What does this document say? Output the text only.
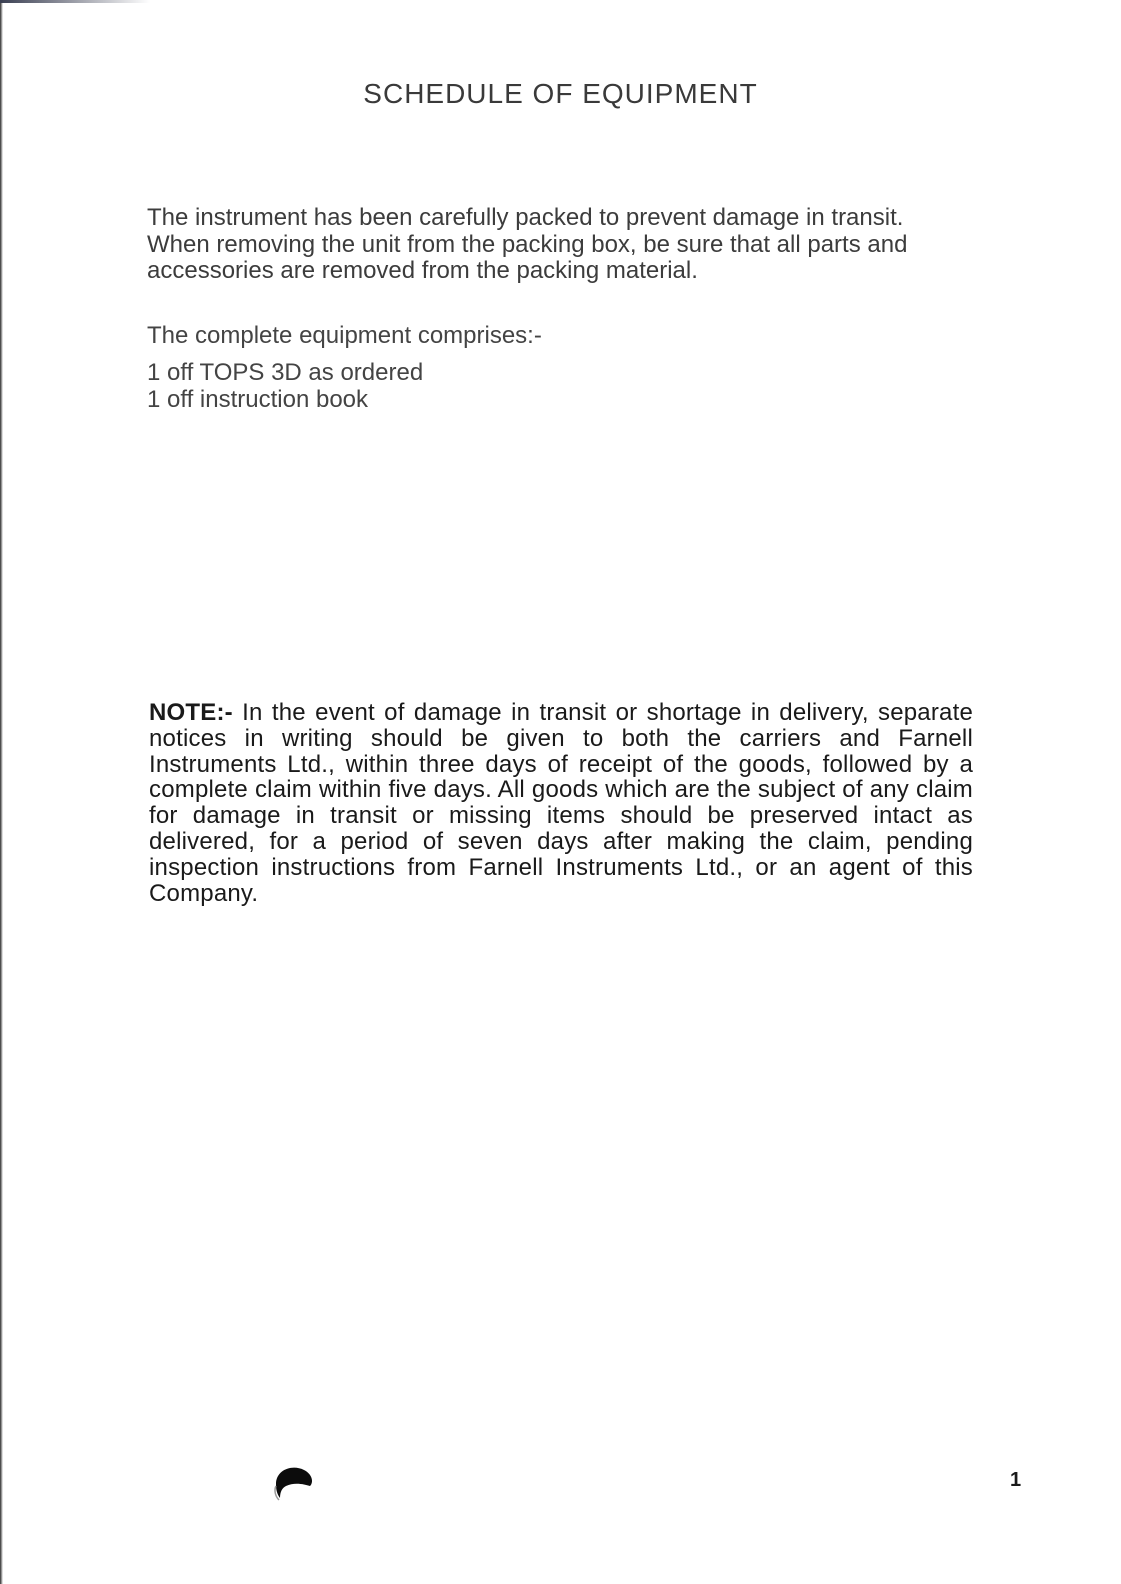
SCHEDULE OF EQUIPMENT

The instrument has been carefully packed to prevent damage in transit. When removing the unit from the packing box, be sure that all parts and accessories are removed from the packing material.

The complete equipment comprises:-

1 off TOPS 3D as ordered
1 off instruction book

NOTE:- In the event of damage in transit or shortage in delivery, separate notices in writing should be given to both the carriers and Farnell Instruments Ltd., within three days of receipt of the goods, followed by a complete claim within five days. All goods which are the subject of any claim for damage in transit or missing items should be preserved intact as delivered, for a period of seven days after making the claim, pending inspection instructions from Farnell Instruments Ltd., or an agent of this Company.

1
